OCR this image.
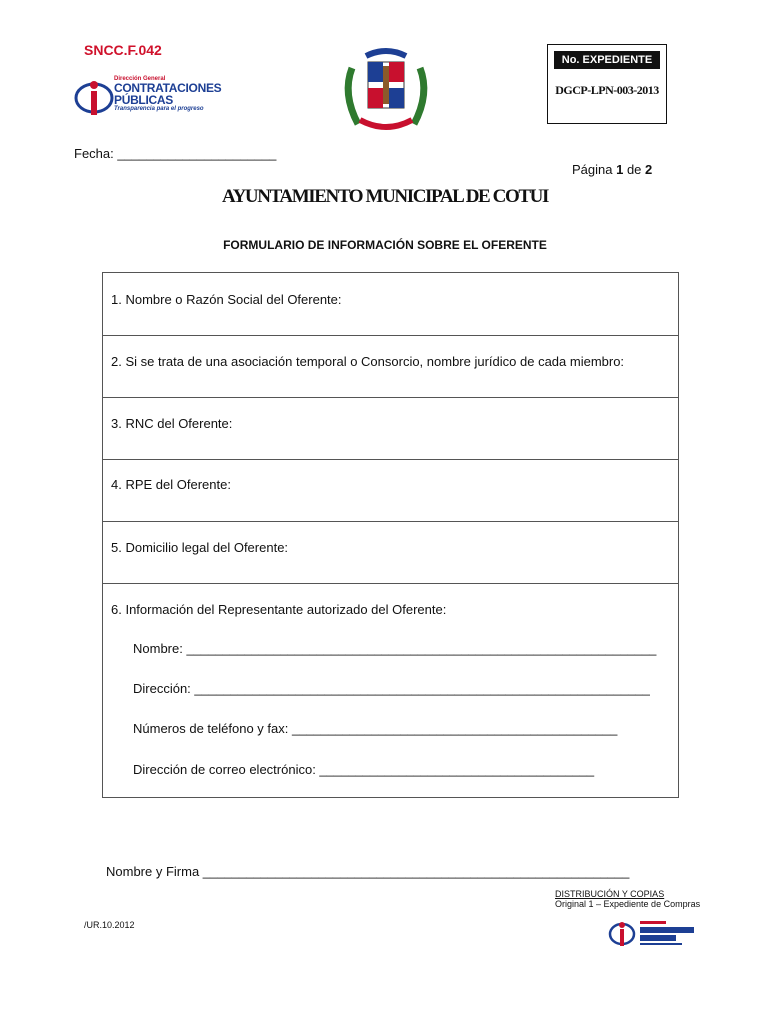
SNCC.F.042
Dirección General
CONTRATACIONES
PÚBLICAS
Transparencia para el progreso
No. EXPEDIENTE
DGCP-LPN-003-2013
Fecha: ______________________
Página 1 de 2
AYUNTAMIENTO MUNICIPAL DE COTUI
FORMULARIO DE INFORMACIÓN SOBRE EL OFERENTE
1. Nombre o Razón Social del Oferente:
2. Si se trata de una asociación temporal o Consorcio, nombre jurídico de cada miembro:
3. RNC del Oferente:
4. RPE del Oferente:
5. Domicilio legal del Oferente:
6. Información del Representante autorizado del Oferente:
Nombre: _________________________________________________________________
Dirección: _______________________________________________________________
Números de teléfono y fax: _____________________________________________
Dirección de correo electrónico: ______________________________________
Nombre y Firma ___________________________________________________________
DISTRIBUCIÓN Y COPIAS
Original 1 – Expediente de Compras
/UR.10.2012
